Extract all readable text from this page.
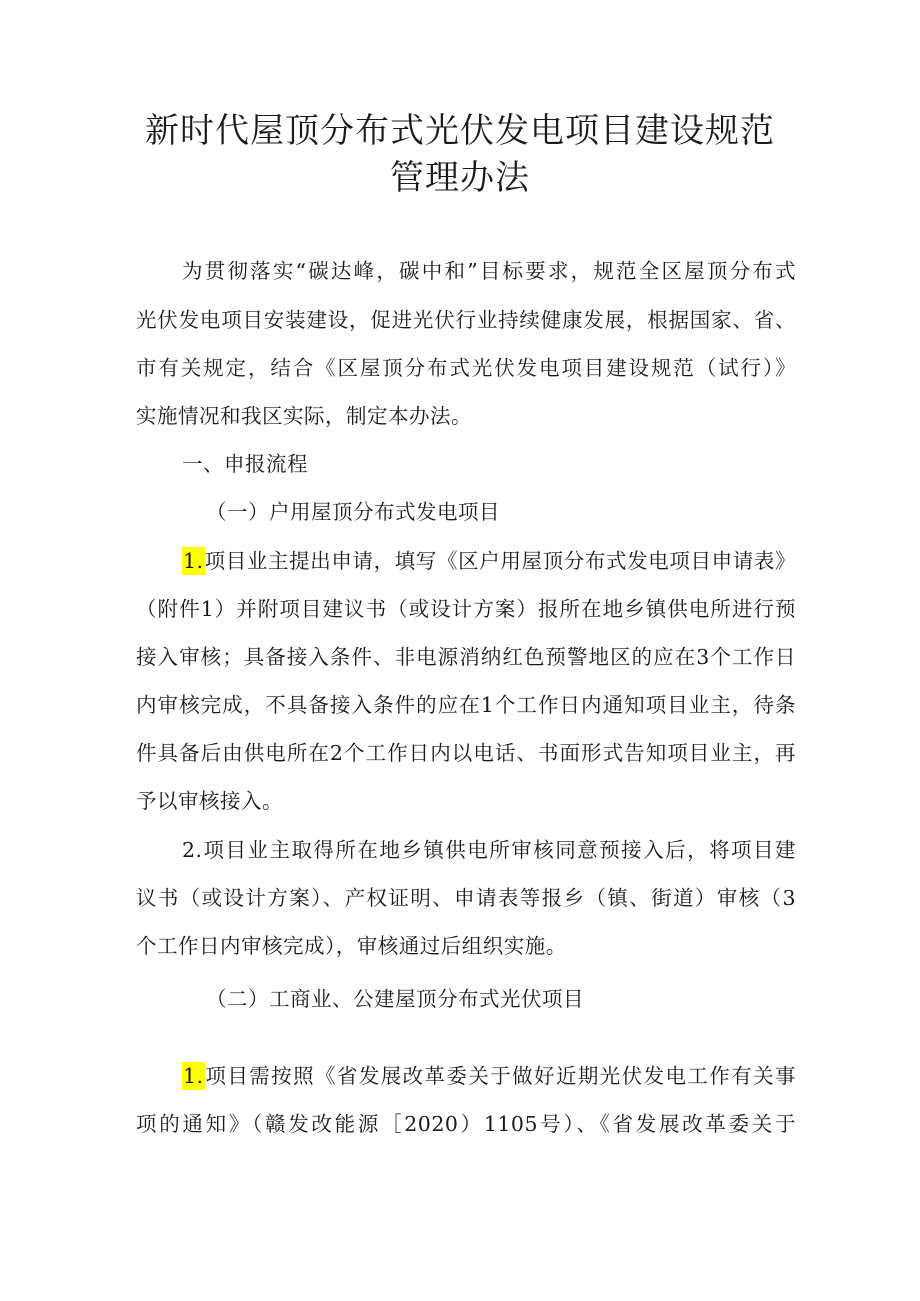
新时代屋顶分布式光伏发电项目建设规范
管理办法
为贯彻落实“碳达峰，碳中和”目标要求，规范全区屋顶分布式
光伏发电项目安装建设，促进光伏行业持续健康发展，根据国家、省、
市有关规定，结合《区屋顶分布式光伏发电项目建设规范（试行）》
实施情况和我区实际，制定本办法。
一、申报流程
（一）户用屋顶分布式发电项目
1.项目业主提出申请，填写《区户用屋顶分布式发电项目申请表》
（附件1）并附项目建议书（或设计方案）报所在地乡镇供电所进行预
接入审核；具备接入条件、非电源消纳红色预警地区的应在3个工作日
内审核完成，不具备接入条件的应在1个工作日内通知项目业主，待条
件具备后由供电所在2个工作日内以电话、书面形式告知项目业主，再
予以审核接入。
2.项目业主取得所在地乡镇供电所审核同意预接入后，将项目建
议书（或设计方案）、产权证明、申请表等报乡（镇、街道）审核（3
个工作日内审核完成），审核通过后组织实施。
（二）工商业、公建屋顶分布式光伏项目
1.项目需按照《省发展改革委关于做好近期光伏发电工作有关事
项的通知》（赣发改能源［2020）1105号）、《省发展改革委关于
